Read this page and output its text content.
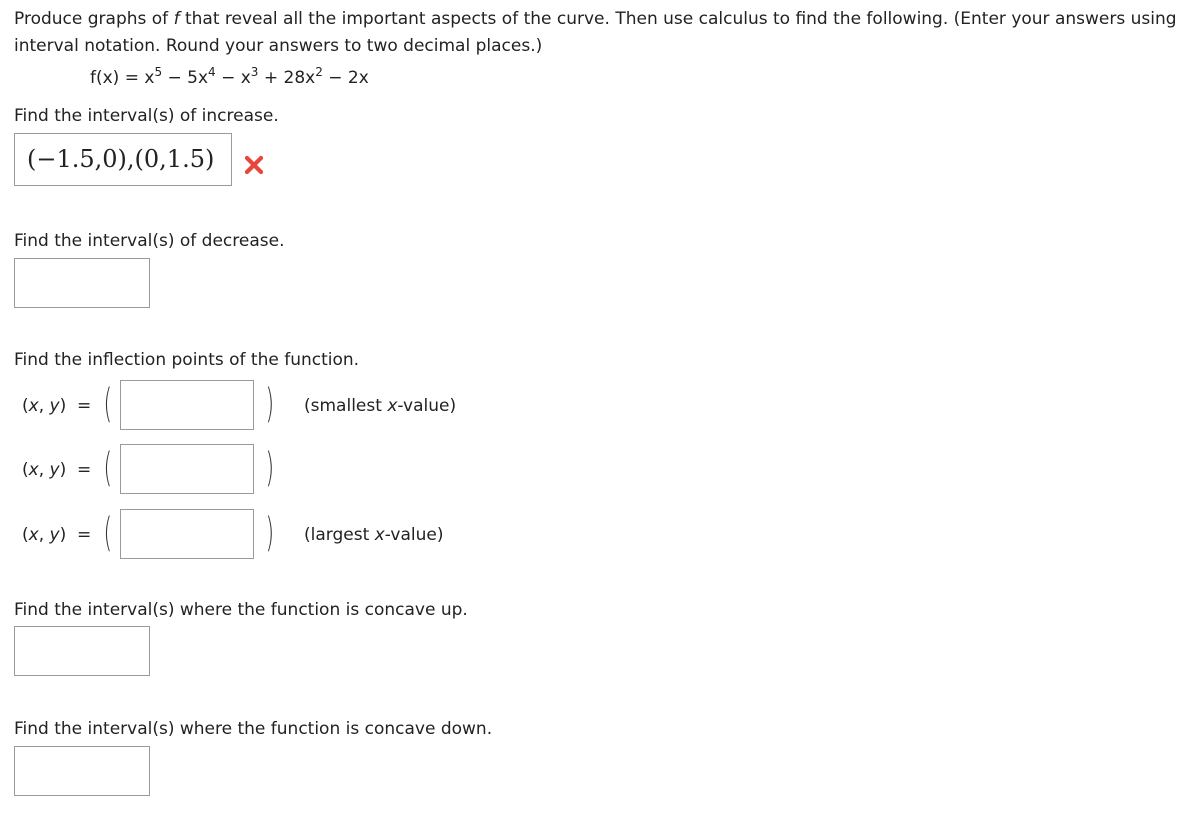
Produce graphs of f that reveal all the important aspects of the curve. Then use calculus to find the following. (Enter your answers using interval notation. Round your answers to two decimal places.)

$f(x) = x^5 - 5x^4 - x^3 + 28x^2 - 2x$
Find the interval(s) of increase.
(−1.5,0),(0,1.5)
Find the interval(s) of decrease.
Find the inflection points of the function.
(x, y)  = (	) (smallest x-value)
(x, y)  = (	)
(x, y)  = (	) (largest x-value)
Find the interval(s) where the function is concave up.
Find the interval(s) where the function is concave down.
